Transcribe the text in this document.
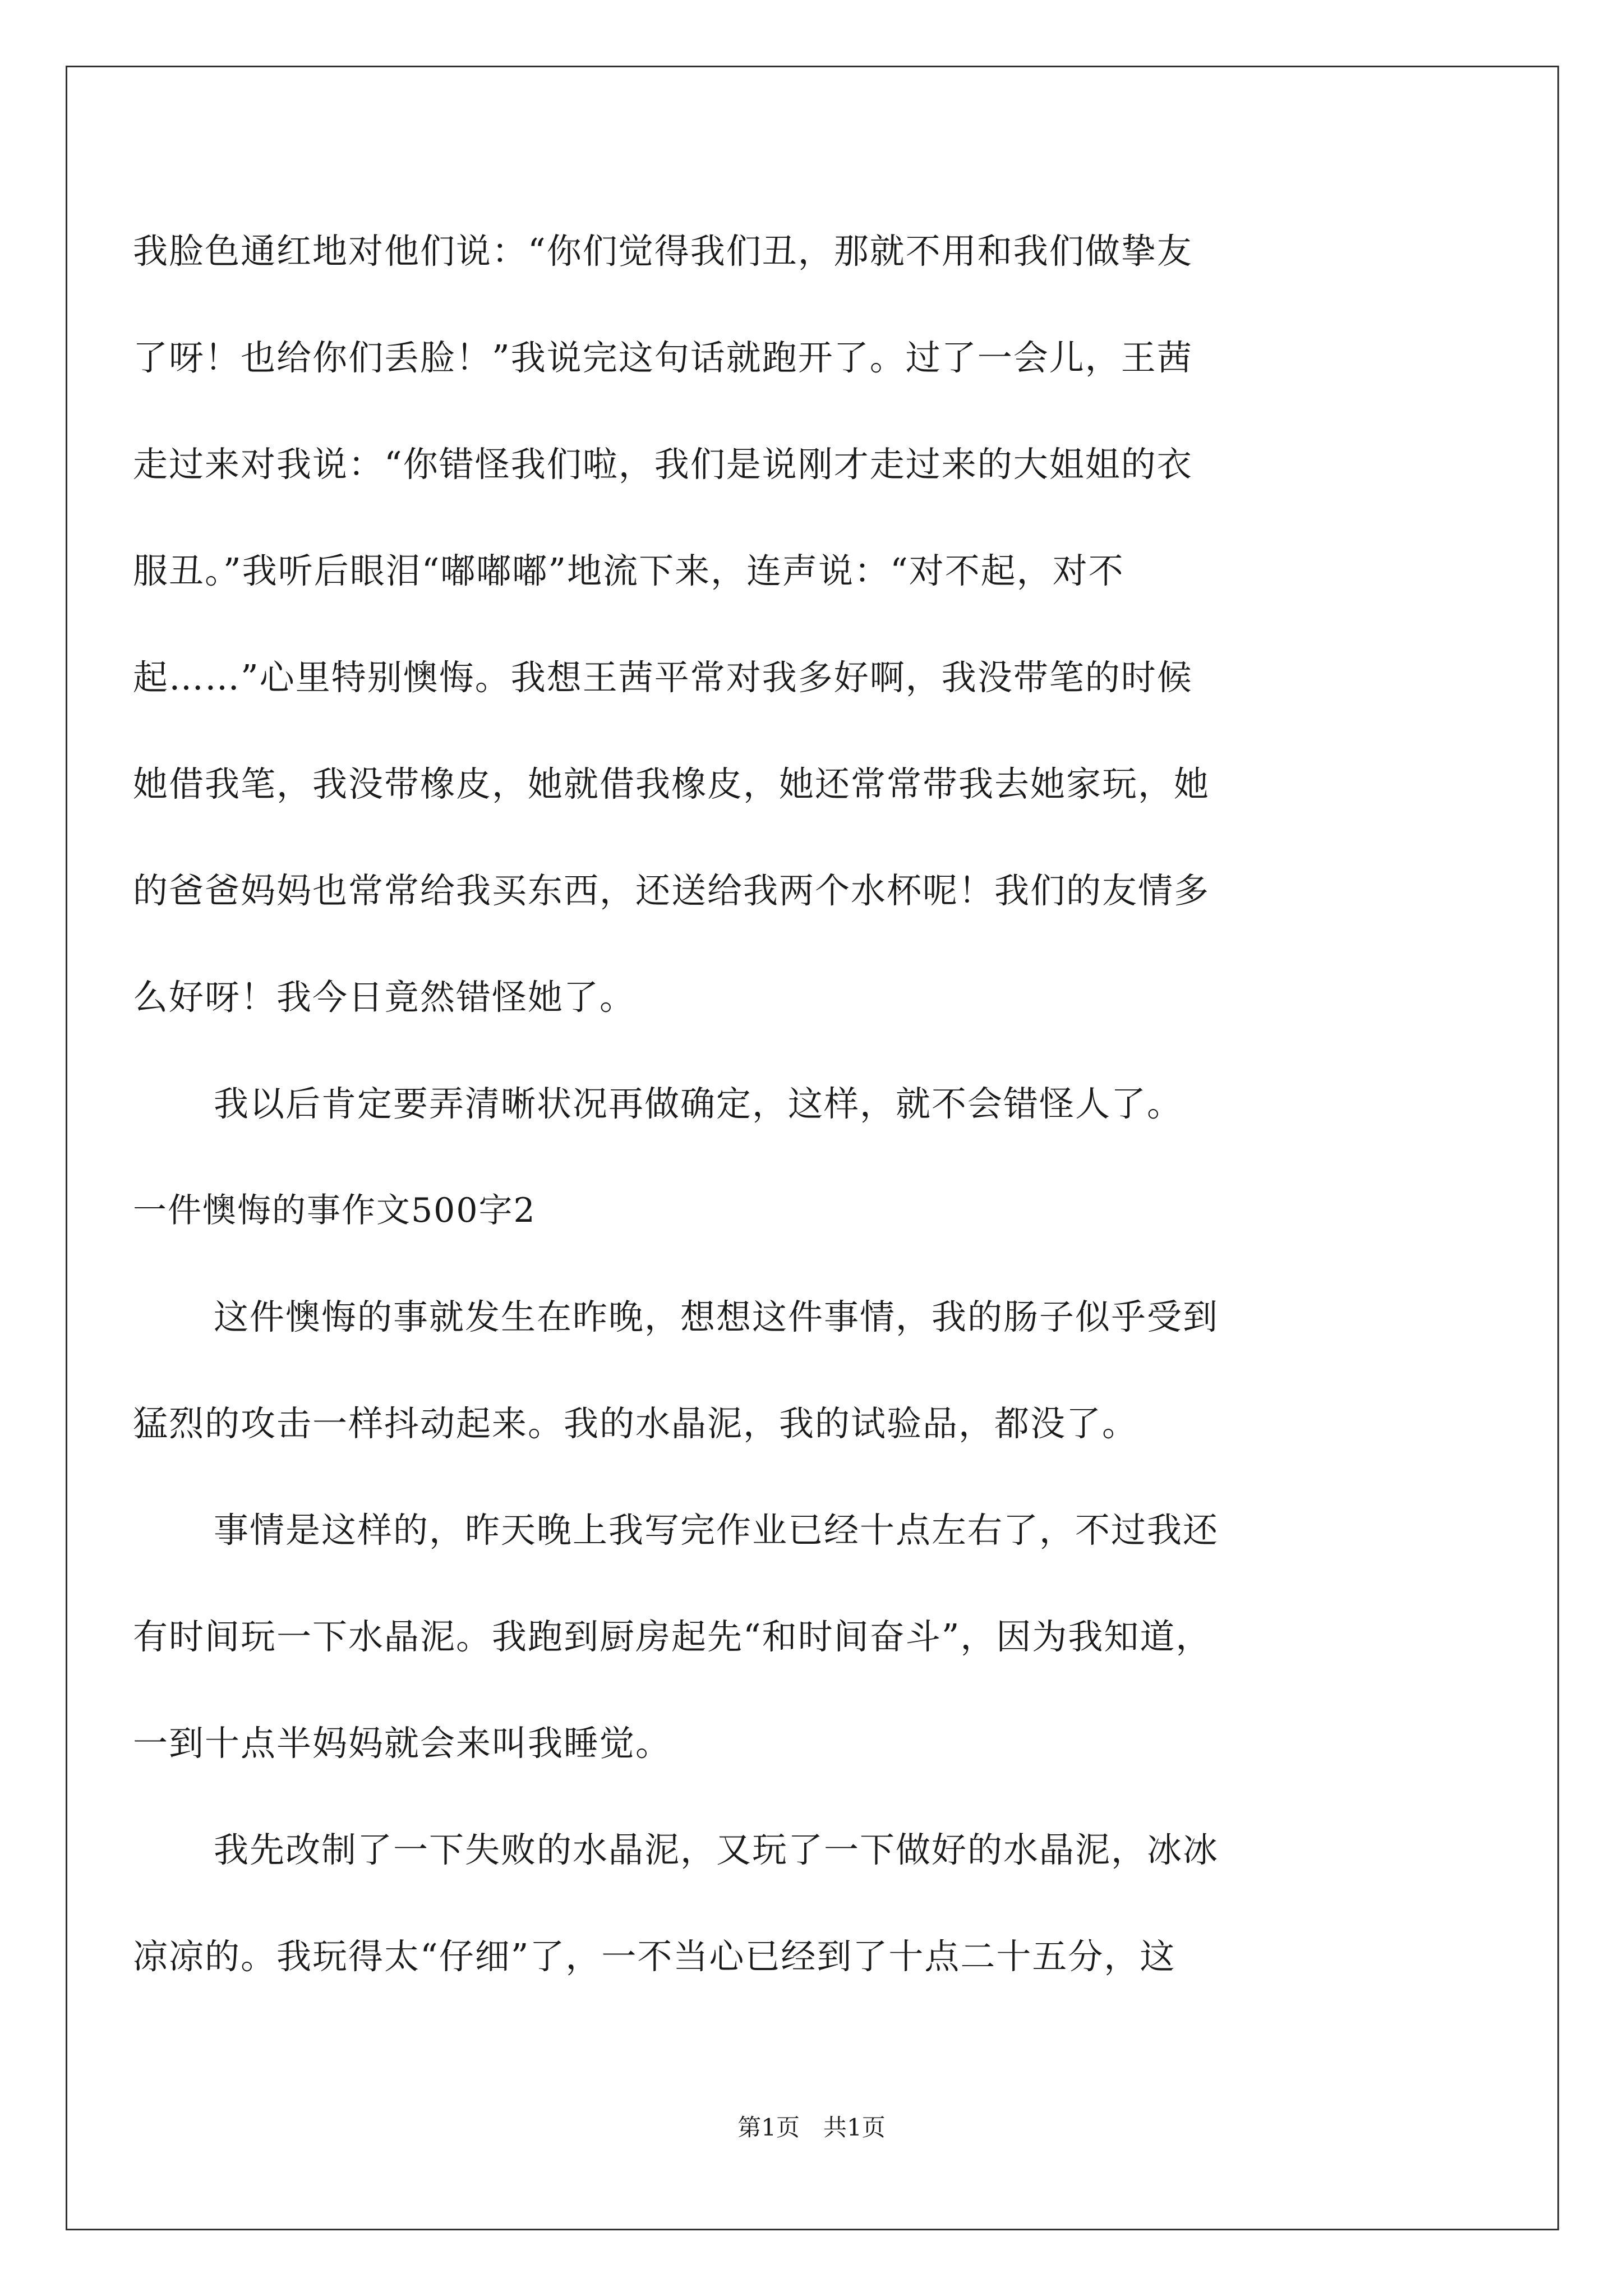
我脸色通红地对他们说：“你们觉得我们丑，那就不用和我们做挚友
了呀！也给你们丢脸！”我说完这句话就跑开了。过了一会儿，王茜
走过来对我说：“你错怪我们啦，我们是说刚才走过来的大姐姐的衣
服丑。”我听后眼泪“嘟嘟嘟”地流下来，连声说：“对不起，对不
起……”心里特别懊悔。我想王茜平常对我多好啊，我没带笔的时候
她借我笔，我没带橡皮，她就借我橡皮，她还常常带我去她家玩，她
的爸爸妈妈也常常给我买东西，还送给我两个水杯呢！我们的友情多
么好呀！我今日竟然错怪她了。
我以后肯定要弄清晰状况再做确定，这样，就不会错怪人了。
一件懊悔的事作文500字2
这件懊悔的事就发生在昨晚，想想这件事情，我的肠子似乎受到
猛烈的攻击一样抖动起来。我的水晶泥，我的试验品，都没了。
事情是这样的，昨天晚上我写完作业已经十点左右了，不过我还
有时间玩一下水晶泥。我跑到厨房起先“和时间奋斗”，因为我知道，
一到十点半妈妈就会来叫我睡觉。
我先改制了一下失败的水晶泥，又玩了一下做好的水晶泥，冰冰
凉凉的。我玩得太“仔细”了，一不当心已经到了十点二十五分，这
第1页　共1页
